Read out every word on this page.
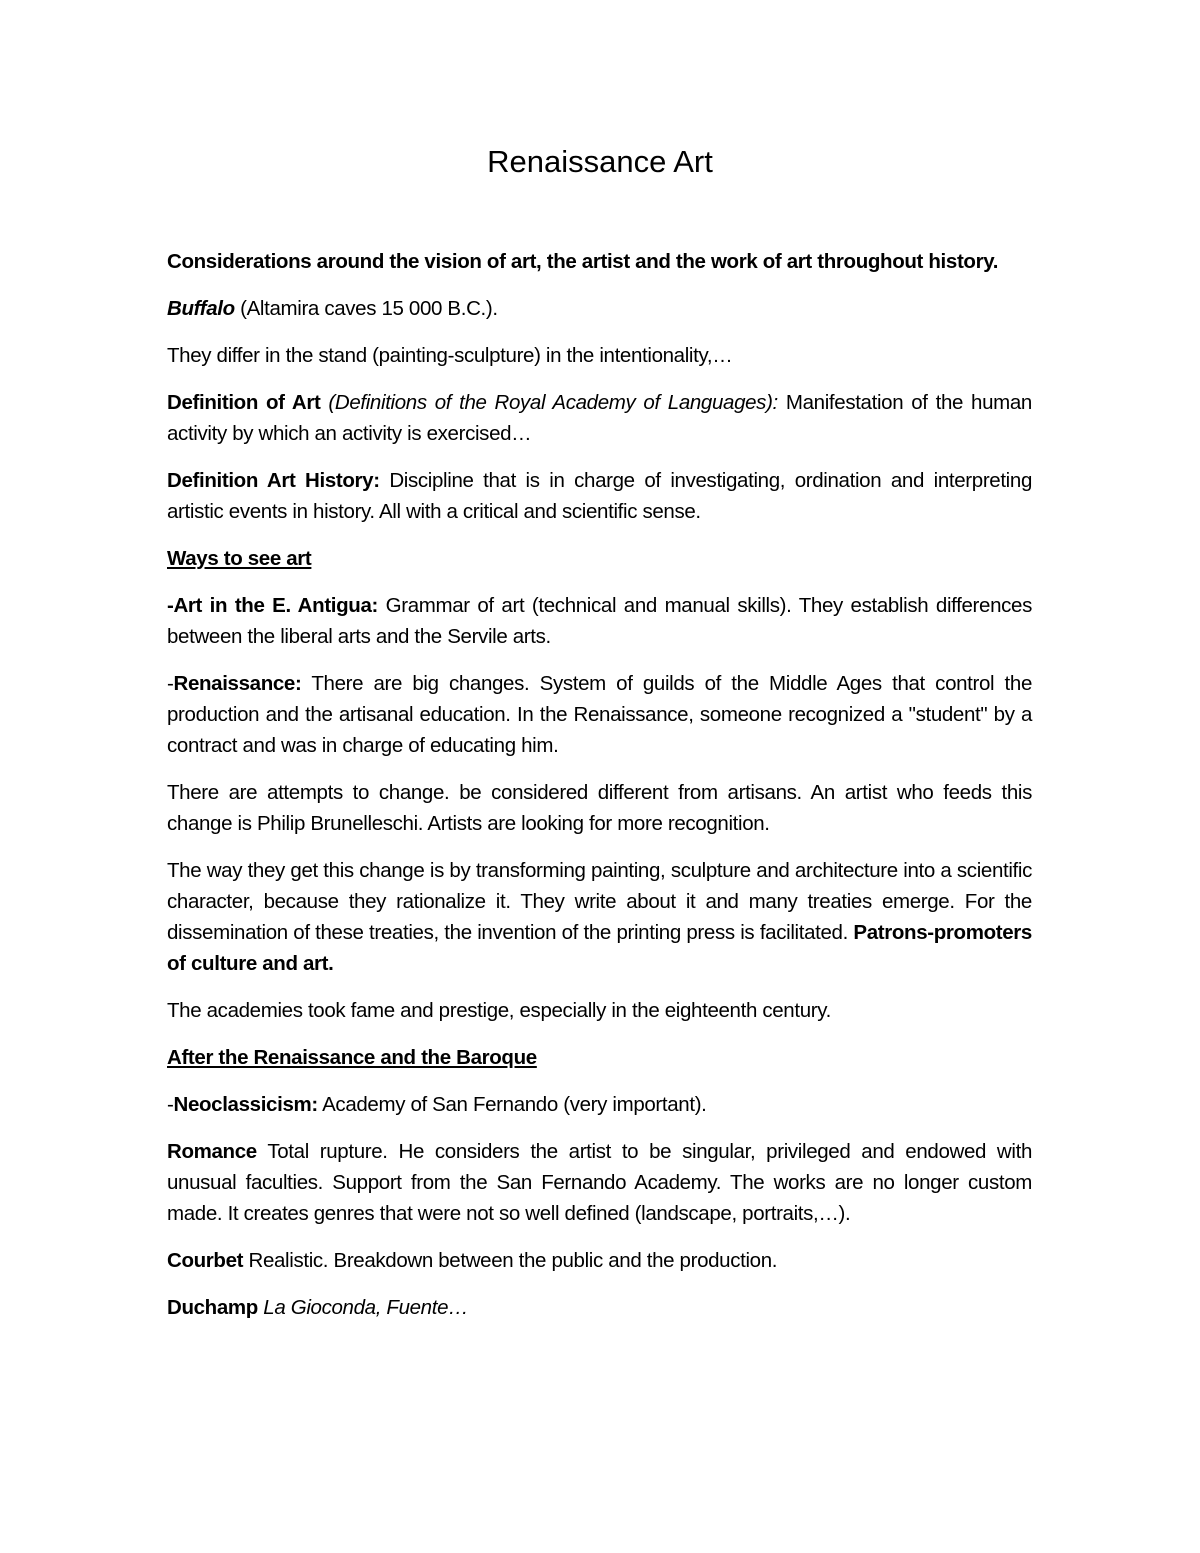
Renaissance Art

Considerations around the vision of art, the artist and the work of art throughout history.

Buffalo (Altamira caves 15 000 B.C.).

They differ in the stand (painting-sculpture) in the intentionality,…

Definition of Art (Definitions of the Royal Academy of Languages): Manifestation of the human activity by which an activity is exercised…

Definition Art History: Discipline that is in charge of investigating, ordination and interpreting artistic events in history. All with a critical and scientific sense.

Ways to see art

-Art in the E. Antigua: Grammar of art (technical and manual skills). They establish differences between the liberal arts and the Servile arts.

-Renaissance: There are big changes. System of guilds of the Middle Ages that control the production and the artisanal education. In the Renaissance, someone recognized a "student" by a contract and was in charge of educating him.

There are attempts to change. be considered different from artisans. An artist who feeds this change is Philip Brunelleschi. Artists are looking for more recognition.

The way they get this change is by transforming painting, sculpture and architecture into a scientific character, because they rationalize it. They write about it and many treaties emerge. For the dissemination of these treaties, the invention of the printing press is facilitated. Patrons-promoters of culture and art.

The academies took fame and prestige, especially in the eighteenth century.

After the Renaissance and the Baroque

-Neoclassicism: Academy of San Fernando (very important).

Romance Total rupture. He considers the artist to be singular, privileged and endowed with unusual faculties. Support from the San Fernando Academy. The works are no longer custom made. It creates genres that were not so well defined (landscape, portraits,…).

Courbet Realistic. Breakdown between the public and the production.

Duchamp La Gioconda, Fuente…
